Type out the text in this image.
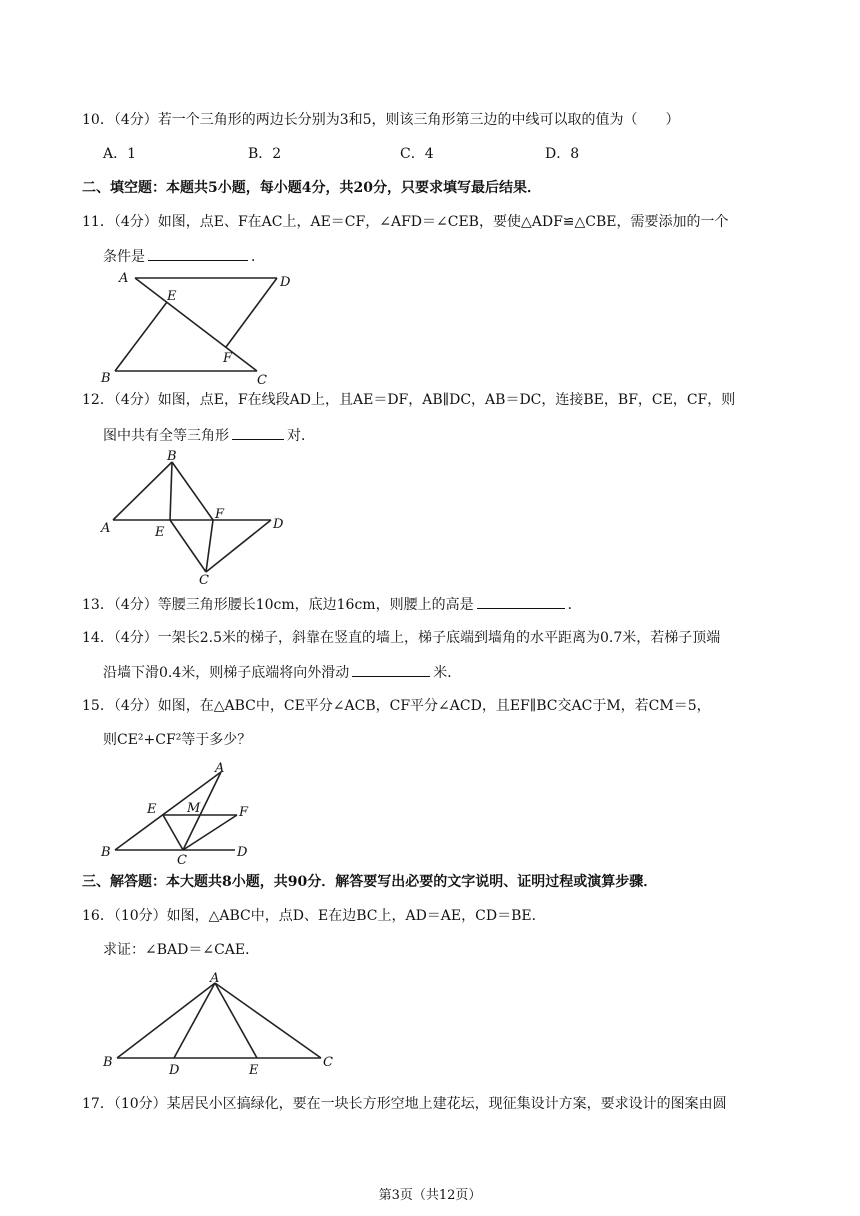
10．（4分）若一个三角形的两边长分别为3和5，则该三角形第三边的中线可以取的值为（　　）
A．1	B．2	C．4	D．8
二、填空题：本题共5小题，每小题4分，共20分，只要求填写最后结果．
11．（4分）如图，点E、F在AC上，AE＝CF，∠AFD＝∠CEB，要使△ADF≌△CBE，需要添加的一个
条件是	．
A	D
E
F
B	C
12．（4分）如图，点E，F在线段AD上，且AE＝DF，AB∥DC，AB＝DC，连接BE，BF，CE，CF，则
图中共有全等三角形	对．
B
A	E
F
D
C
13．（4分）等腰三角形腰长10cm，底边16cm，则腰上的高是	．
14．（4分）一架长2.5米的梯子，斜靠在竖直的墙上，梯子底端到墙角的水平距离为0.7米，若梯子顶端
沿墙下滑0.4米，则梯子底端将向外滑动	米．
15．（4分）如图，在△ABC中，CE平分∠ACB，CF平分∠ACD，且EF∥BC交AC于M，若CM＝5，
则CE²+CF²等于多少？
A
E M	F
B
C
D
三、解答题：本大题共8小题，共90分．解答要写出必要的文字说明、证明过程或演算步骤．
16．（10分）如图，△ABC中，点D、E在边BC上，AD＝AE，CD＝BE．
求证：∠BAD＝∠CAE．
A
B
D	E
C
17．（10分）某居民小区搞绿化，要在一块长方形空地上建花坛，现征集设计方案，要求设计的图案由圆
第3页（共12页）
